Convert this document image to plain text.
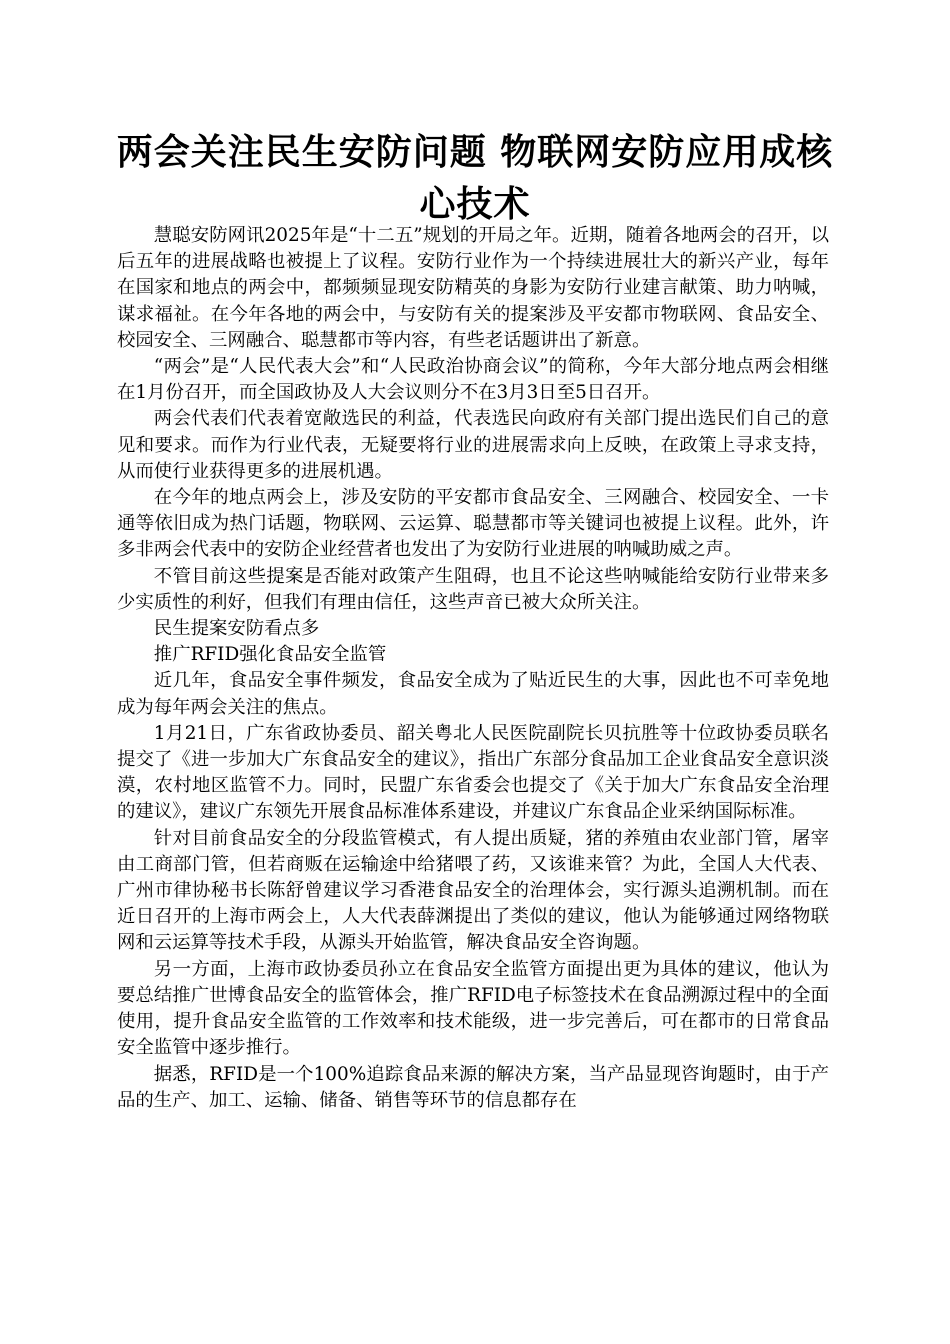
两会关注民生安防问题 物联网安防应用成核心技术

慧聪安防网讯2025年是“十二五”规划的开局之年。近期，随着各地两会的召开，以后五年的进展战略也被提上了议程。安防行业作为一个持续进展壮大的新兴产业，每年在国家和地点的两会中，都频频显现安防精英的身影为安防行业建言献策、助力呐喊，谋求福祉。在今年各地的两会中，与安防有关的提案涉及平安都市物联网、食品安全、校园安全、三网融合、聪慧都市等内容，有些老话题讲出了新意。

“两会”是“人民代表大会”和“人民政治协商会议”的简称，今年大部分地点两会相继在1月份召开，而全国政协及人大会议则分不在3月3日至5日召开。

两会代表们代表着宽敞选民的利益，代表选民向政府有关部门提出选民们自己的意见和要求。而作为行业代表，无疑要将行业的进展需求向上反映，在政策上寻求支持，从而使行业获得更多的进展机遇。

在今年的地点两会上，涉及安防的平安都市食品安全、三网融合、校园安全、一卡通等依旧成为热门话题，物联网、云运算、聪慧都市等关键词也被提上议程。此外，许多非两会代表中的安防企业经营者也发出了为安防行业进展的呐喊助威之声。

不管目前这些提案是否能对政策产生阻碍，也且不论这些呐喊能给安防行业带来多少实质性的利好，但我们有理由信任，这些声音已被大众所关注。

民生提案安防看点多

推广RFID强化食品安全监管

近几年，食品安全事件频发，食品安全成为了贴近民生的大事，因此也不可幸免地成为每年两会关注的焦点。

1月21日，广东省政协委员、韶关粤北人民医院副院长贝抗胜等十位政协委员联名提交了《进一步加大广东食品安全的建议》，指出广东部分食品加工企业食品安全意识淡漠，农村地区监管不力。同时，民盟广东省委会也提交了《关于加大广东食品安全治理的建议》，建议广东领先开展食品标准体系建设，并建议广东食品企业采纳国际标准。

针对目前食品安全的分段监管模式，有人提出质疑，猪的养殖由农业部门管，屠宰由工商部门管，但若商贩在运输途中给猪喂了药，又该谁来管？为此，全国人大代表、广州市律协秘书长陈舒曾建议学习香港食品安全的治理体会，实行源头追溯机制。而在近日召开的上海市两会上，人大代表薛渊提出了类似的建议，他认为能够通过网络物联网和云运算等技术手段，从源头开始监管，解决食品安全咨询题。

另一方面，上海市政协委员孙立在食品安全监管方面提出更为具体的建议，他认为要总结推广世博食品安全的监管体会，推广RFID电子标签技术在食品溯源过程中的全面使用，提升食品安全监管的工作效率和技术能级，进一步完善后，可在都市的日常食品安全监管中逐步推行。

据悉，RFID是一个100%追踪食品来源的解决方案，当产品显现咨询题时，由于产品的生产、加工、运输、储备、销售等环节的信息都存在
